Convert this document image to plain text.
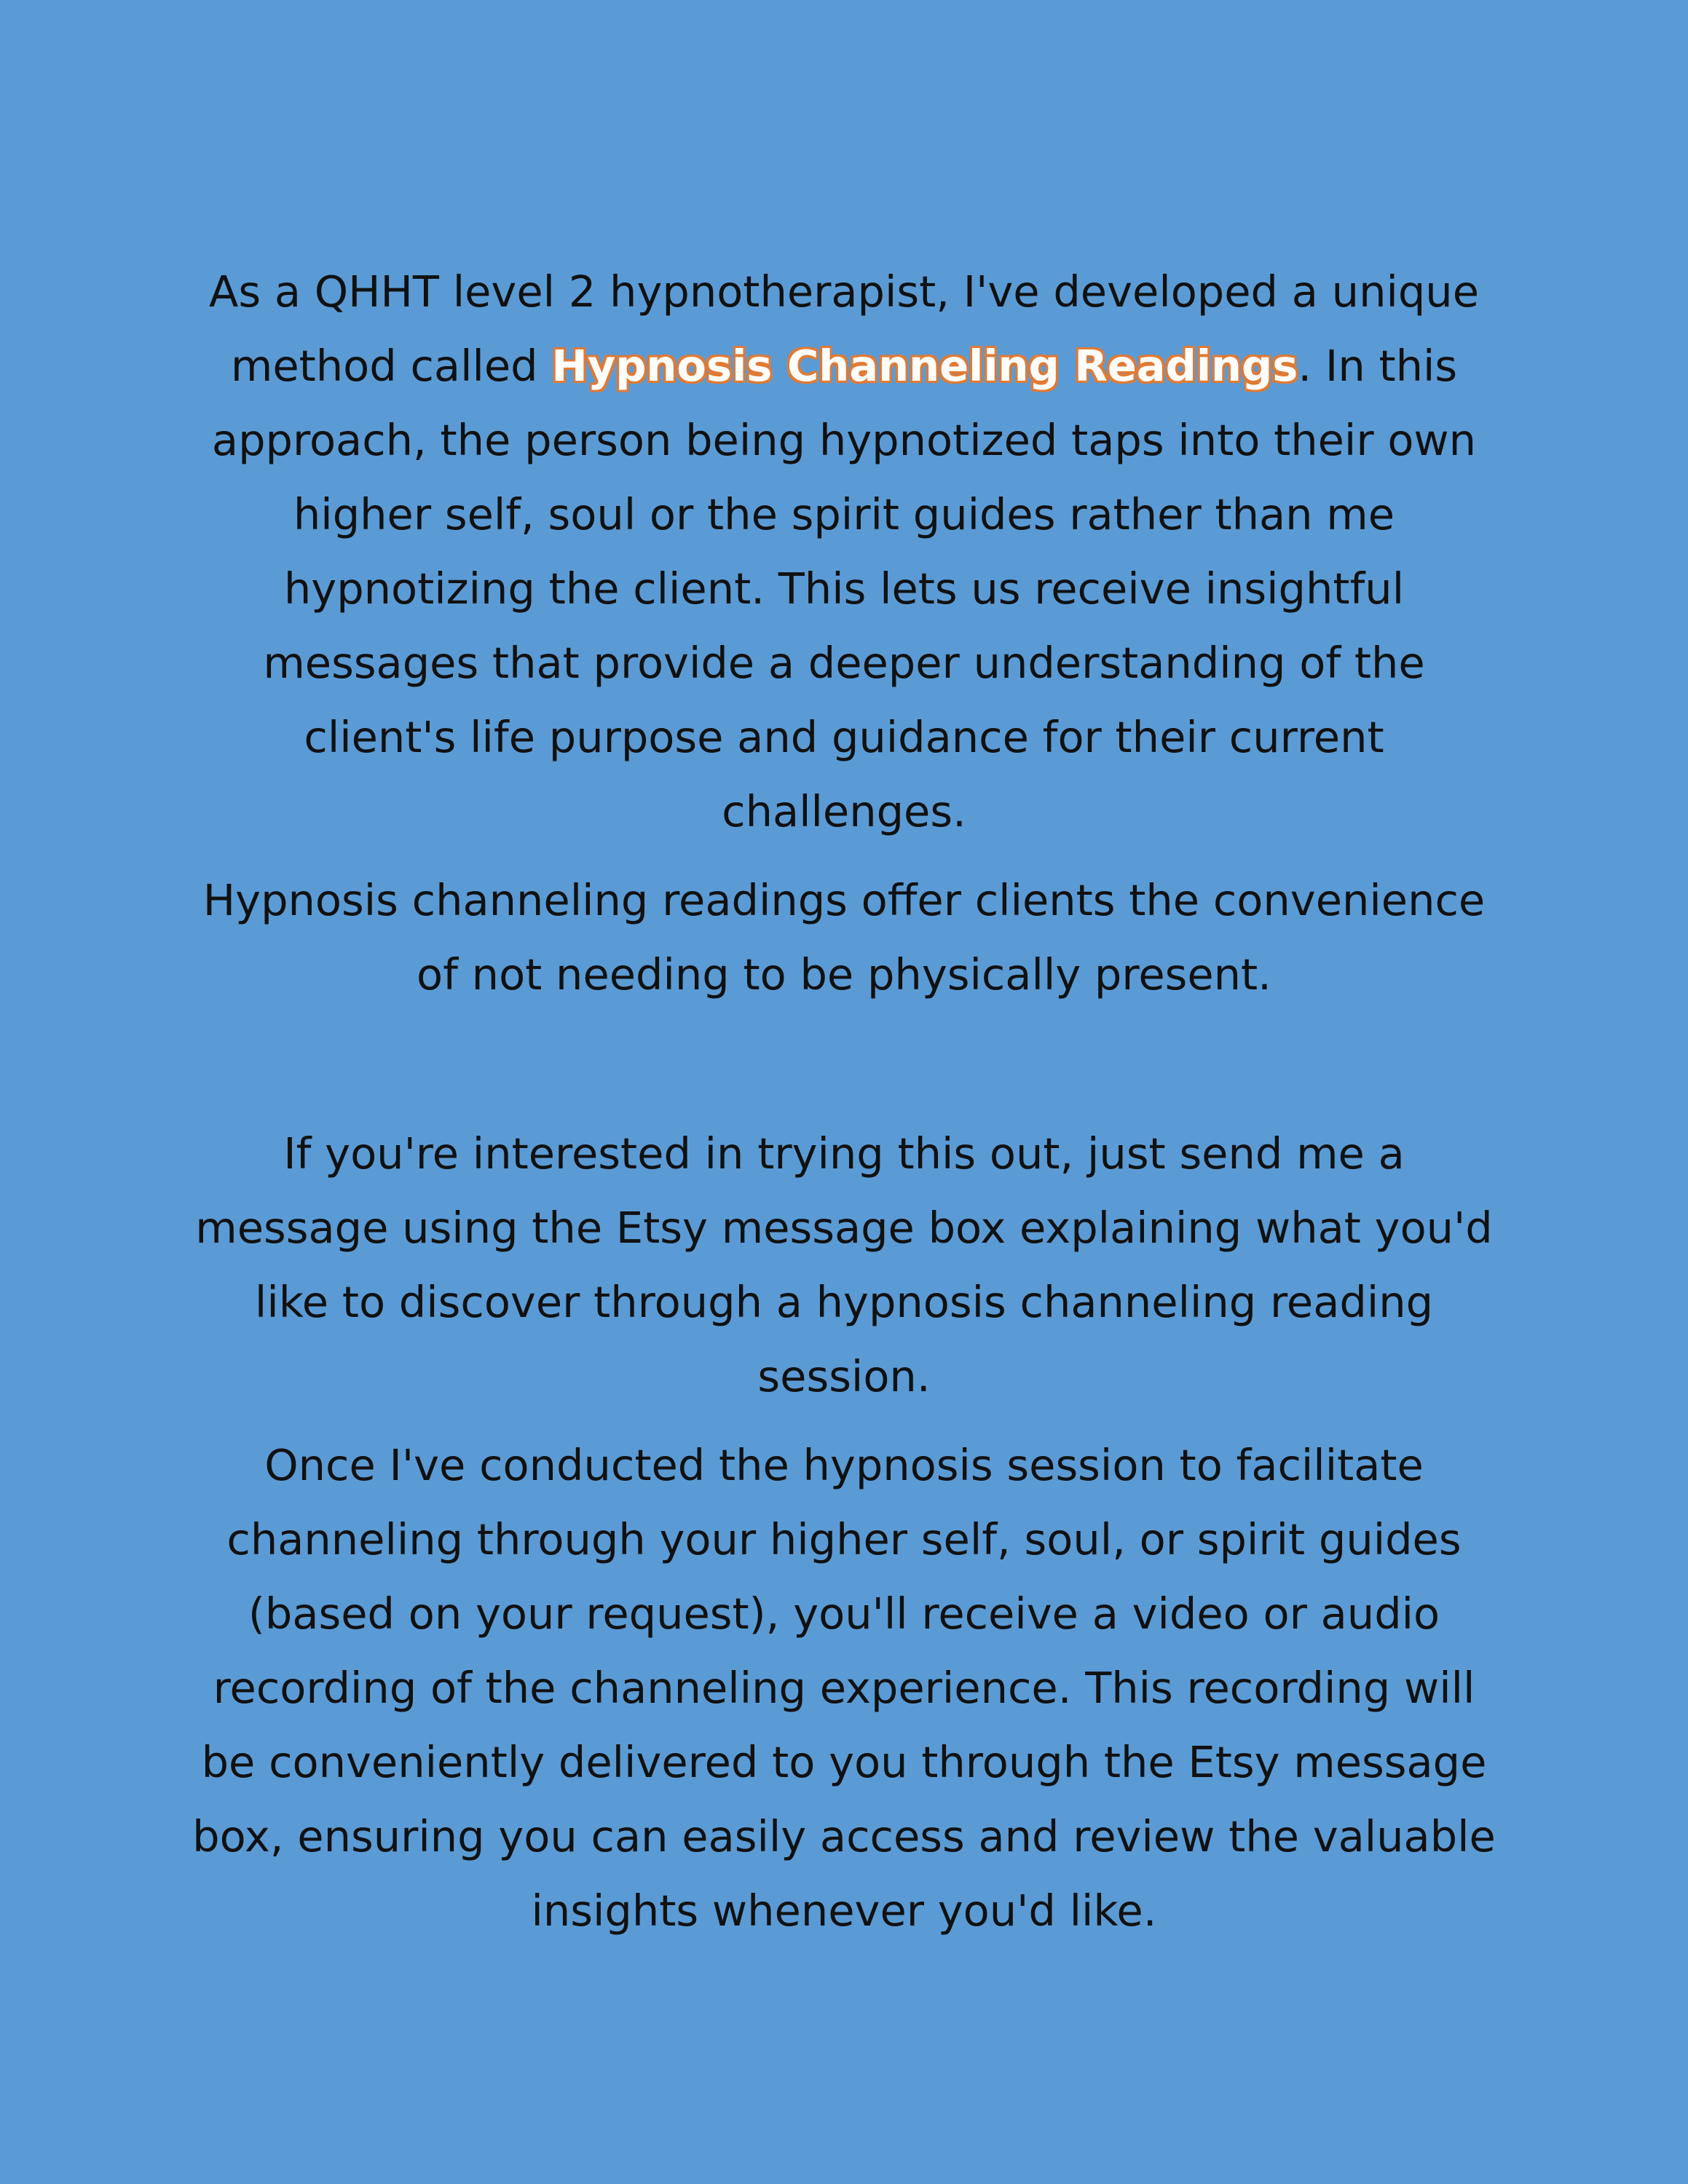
As a QHHT level 2 hypnotherapist, I've developed a unique method called Hypnosis Channeling Readings. In this approach, the person being hypnotized taps into their own higher self, soul or the spirit guides rather than me hypnotizing the client. This lets us receive insightful messages that provide a deeper understanding of the client's life purpose and guidance for their current challenges.

Hypnosis channeling readings offer clients the convenience of not needing to be physically present.

If you're interested in trying this out, just send me a message using the Etsy message box explaining what you'd like to discover through a hypnosis channeling reading session.

Once I've conducted the hypnosis session to facilitate channeling through your higher self, soul, or spirit guides (based on your request), you'll receive a video or audio recording of the channeling experience. This recording will be conveniently delivered to you through the Etsy message box, ensuring you can easily access and review the valuable insights whenever you'd like.
